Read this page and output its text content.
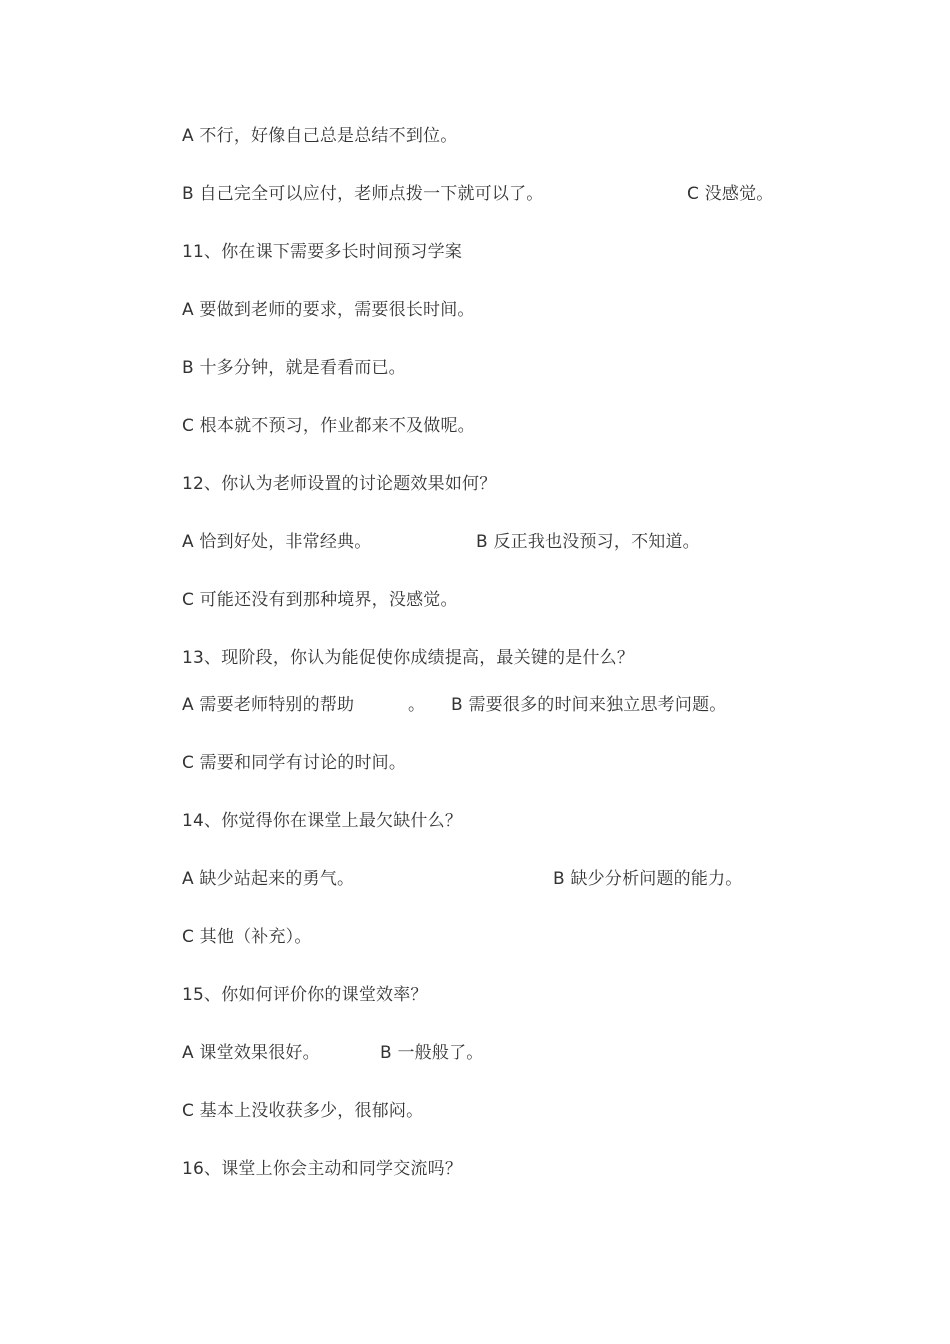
A 不行，好像自己总是总结不到位。
B 自己完全可以应付，老师点拨一下就可以了。	C 没感觉。
11、你在课下需要多长时间预习学案
A 要做到老师的要求，需要很长时间。
B 十多分钟，就是看看而已。
C 根本就不预习，作业都来不及做呢。
12、你认为老师设置的讨论题效果如何？
A 恰到好处，非常经典。	B 反正我也没预习，不知道。
C 可能还没有到那种境界，没感觉。
13、现阶段，你认为能促使你成绩提高，最关键的是什么？
A 需要老师特别的帮助	。 B 需要很多的时间来独立思考问题。
C 需要和同学有讨论的时间。
14、你觉得你在课堂上最欠缺什么？
A 缺少站起来的勇气。	B 缺少分析问题的能力。
C 其他（补充）。
15、你如何评价你的课堂效率？
A 课堂效果很好。	B 一般般了。
C 基本上没收获多少，很郁闷。
16、课堂上你会主动和同学交流吗？
